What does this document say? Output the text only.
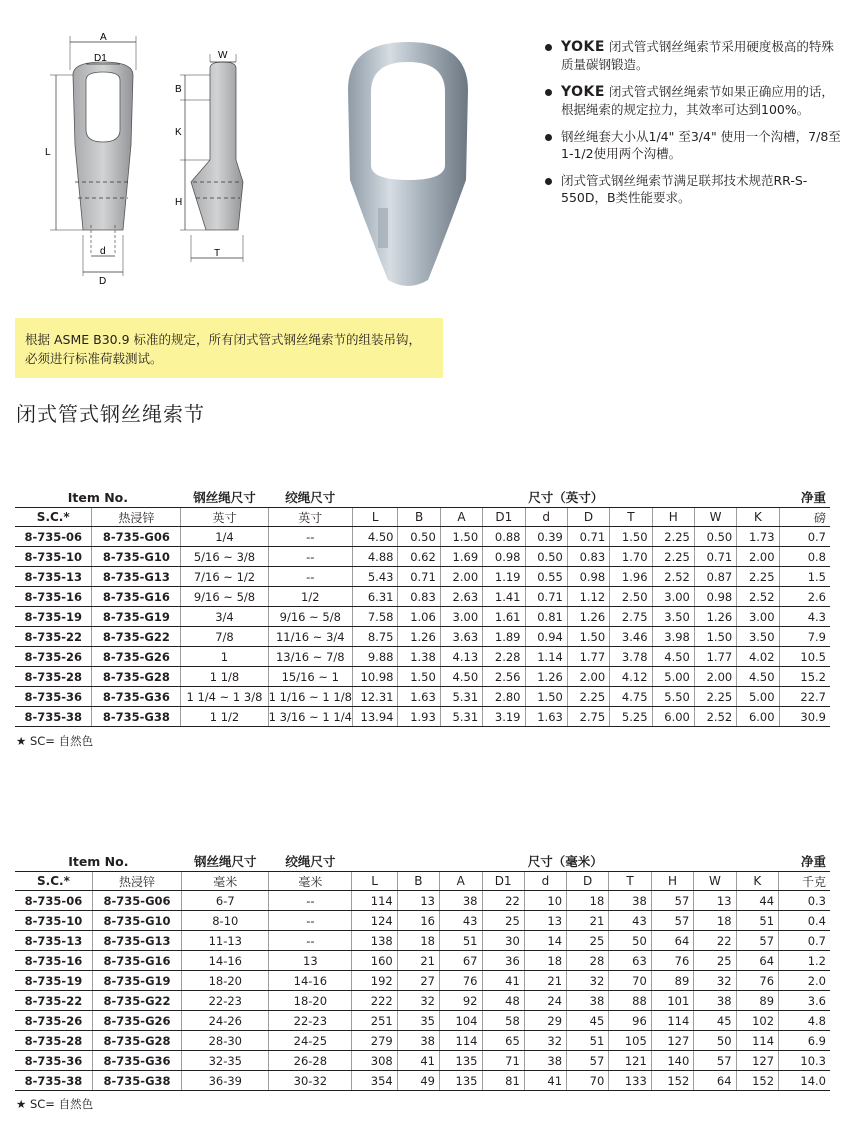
A
D1
L
d
D
W
B
K
H
T
YOKE 闭式管式钢丝绳索节采用硬度极高的特殊质量碳钢锻造。
YOKE 闭式管式钢丝绳索节如果正确应用的话，根据绳索的规定拉力，其效率可达到100%。
钢丝绳套大小从1/4" 至3/4" 使用一个沟槽，7/8至1-1/2使用两个沟槽。
闭式管式钢丝绳索节满足联邦技术规范RR-S-550D，B类性能要求。
根据 ASME B30.9 标准的规定，所有闭式管式钢丝绳索节的组装吊钩，必须进行标准荷载测试。
闭式管式钢丝绳索节
Item No.		钢丝绳尺寸	绞绳尺寸	尺寸（英寸）										净重
S.C.*	热浸锌	英寸	英寸	L	B	A	D1	d	D	T	H	W	K	磅
8-735-06	8-735-G06	1/4	--	4.50	0.50	1.50	0.88	0.39	0.71	1.50	2.25	0.50	1.73	0.7
8-735-10	8-735-G10	5/16 ~ 3/8	--	4.88	0.62	1.69	0.98	0.50	0.83	1.70	2.25	0.71	2.00	0.8
8-735-13	8-735-G13	7/16 ~ 1/2	--	5.43	0.71	2.00	1.19	0.55	0.98	1.96	2.52	0.87	2.25	1.5
8-735-16	8-735-G16	9/16 ~ 5/8	1/2	6.31	0.83	2.63	1.41	0.71	1.12	2.50	3.00	0.98	2.52	2.6
8-735-19	8-735-G19	3/4	9/16 ~ 5/8	7.58	1.06	3.00	1.61	0.81	1.26	2.75	3.50	1.26	3.00	4.3
8-735-22	8-735-G22	7/8	11/16 ~ 3/4	8.75	1.26	3.63	1.89	0.94	1.50	3.46	3.98	1.50	3.50	7.9
8-735-26	8-735-G26	1	13/16 ~ 7/8	9.88	1.38	4.13	2.28	1.14	1.77	3.78	4.50	1.77	4.02	10.5
8-735-28	8-735-G28	1 1/8	15/16 ~ 1	10.98	1.50	4.50	2.56	1.26	2.00	4.12	5.00	2.00	4.50	15.2
8-735-36	8-735-G36	1 1/4 ~ 1 3/8	1 1/16 ~ 1 1/8	12.31	1.63	5.31	2.80	1.50	2.25	4.75	5.50	2.25	5.00	22.7
8-735-38	8-735-G38	1 1/2	1 3/16 ~ 1 1/4	13.94	1.93	5.31	3.19	1.63	2.75	5.25	6.00	2.52	6.00	30.9
★ SC= 自然色
Item No.		钢丝绳尺寸	绞绳尺寸	尺寸（毫米）										净重
S.C.*	热浸锌	毫米	毫米	L	B	A	D1	d	D	T	H	W	K	千克
8-735-06	8-735-G06	6-7	--	114	13	38	22	10	18	38	57	13	44	0.3
8-735-10	8-735-G10	8-10	--	124	16	43	25	13	21	43	57	18	51	0.4
8-735-13	8-735-G13	11-13	--	138	18	51	30	14	25	50	64	22	57	0.7
8-735-16	8-735-G16	14-16	13	160	21	67	36	18	28	63	76	25	64	1.2
8-735-19	8-735-G19	18-20	14-16	192	27	76	41	21	32	70	89	32	76	2.0
8-735-22	8-735-G22	22-23	18-20	222	32	92	48	24	38	88	101	38	89	3.6
8-735-26	8-735-G26	24-26	22-23	251	35	104	58	29	45	96	114	45	102	4.8
8-735-28	8-735-G28	28-30	24-25	279	38	114	65	32	51	105	127	50	114	6.9
8-735-36	8-735-G36	32-35	26-28	308	41	135	71	38	57	121	140	57	127	10.3
8-735-38	8-735-G38	36-39	30-32	354	49	135	81	41	70	133	152	64	152	14.0
★ SC= 自然色
